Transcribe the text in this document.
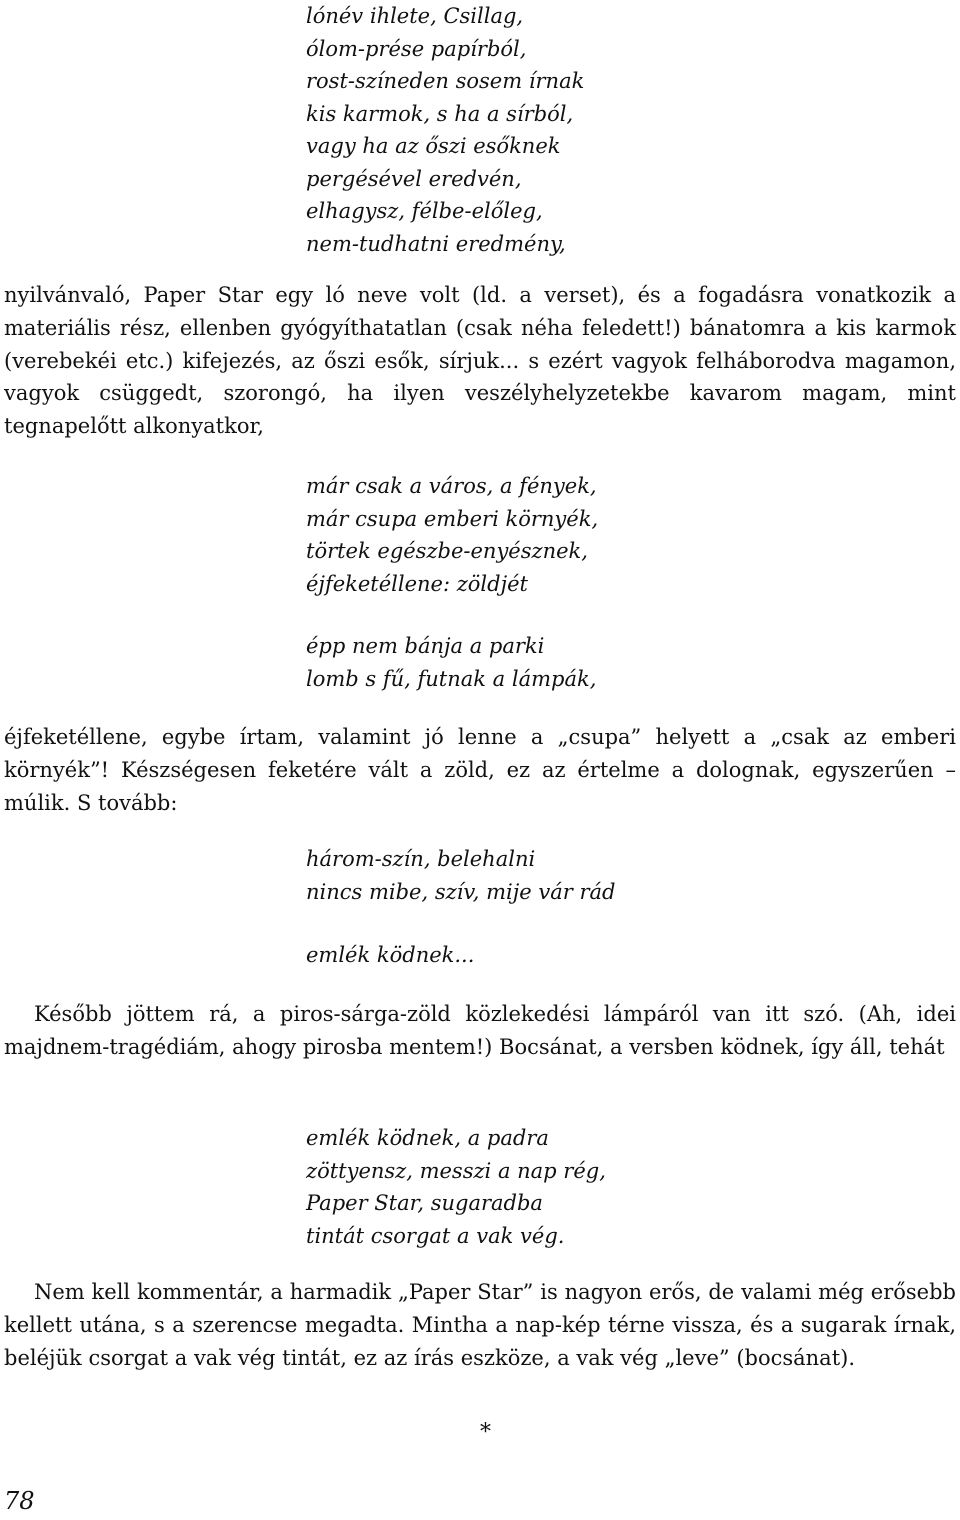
lónév ihlete, Csillag,
ólom-prése papírból,
rost-színeden sosem írnak
kis karmok, s ha a sírból,
vagy ha az őszi esőknek
pergésével eredvén,
elhagysz, félbe-előleg,
nem-tudhatni eredmény,

nyilvánvaló, Paper Star egy ló neve volt (ld. a verset), és a fogadásra vonatkozik a materiális rész, ellenben gyógyíthatatlan (csak néha feledett!) bánatomra a kis karmok (verebekéi etc.) kifejezés, az őszi esők, sírjuk... s ezért vagyok felháborodva magamon, vagyok csüggedt, szorongó, ha ilyen veszélyhelyzetekbe kavarom magam, mint tegnapelőtt alkonyatkor,

már csak a város, a fények,
már csupa emberi környék,
törtek egészbe-enyésznek,
éjfeketéllene: zöldjét
épp nem bánja a parki
lomb s fű, futnak a lámpák,

éjfeketéllene, egybe írtam, valamint jó lenne a „csupa” helyett a „csak az emberi környék”! Készségesen feketére vált a zöld, ez az értelme a dolognak, egyszerűen – múlik. S tovább:

három-szín, belehalni
nincs mibe, szív, mije vár rád
emlék ködnek...

Később jöttem rá, a piros-sárga-zöld közlekedési lámpáról van itt szó. (Ah, idei majdnem-tragédiám, ahogy pirosba mentem!) Bocsánat, a versben ködnek, így áll, tehát

emlék ködnek, a padra
zöttyensz, messzi a nap rég,
Paper Star, sugaradba
tintát csorgat a vak vég.

Nem kell kommentár, a harmadik „Paper Star” is nagyon erős, de valami még erősebb kellett utána, s a szerencse megadta. Mintha a nap-kép térne vissza, és a sugarak írnak, beléjük csorgat a vak vég tintát, ez az írás eszköze, a vak vég „leve” (bocsánat).

*
78
